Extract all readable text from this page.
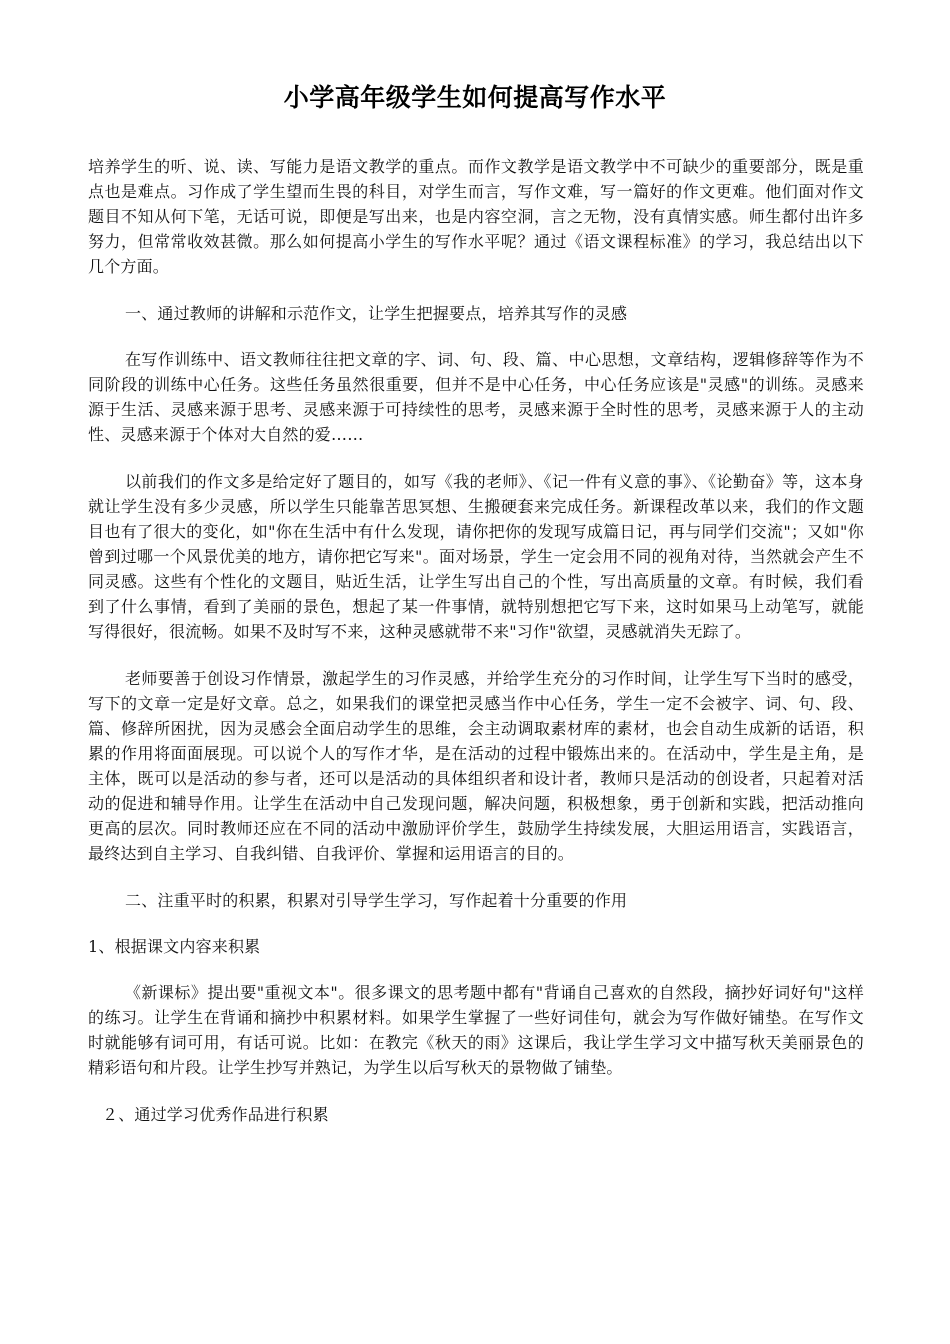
小学高年级学生如何提高写作水平

培养学生的听、说、读、写能力是语文教学的重点。而作文教学是语文教学中不可缺少的重要部分，既是重点也是难点。习作成了学生望而生畏的科目，对学生而言，写作文难，写一篇好的作文更难。他们面对作文题目不知从何下笔，无话可说，即便是写出来，也是内容空洞，言之无物，没有真情实感。师生都付出许多努力，但常常收效甚微。那么如何提高小学生的写作水平呢？通过《语文课程标准》的学习，我总结出以下几个方面。

一、通过教师的讲解和示范作文，让学生把握要点，培养其写作的灵感

在写作训练中、语文教师往往把文章的字、词、句、段、篇、中心思想，文章结构，逻辑修辞等作为不同阶段的训练中心任务。这些任务虽然很重要，但并不是中心任务，中心任务应该是"灵感"的训练。灵感来源于生活、灵感来源于思考、灵感来源于可持续性的思考，灵感来源于全时性的思考，灵感来源于人的主动性、灵感来源于个体对大自然的爱……

以前我们的作文多是给定好了题目的，如写《我的老师》、《记一件有义意的事》、《论勤奋》等，这本身就让学生没有多少灵感，所以学生只能靠苦思冥想、生搬硬套来完成任务。新课程改革以来，我们的作文题目也有了很大的变化，如"你在生活中有什么发现，请你把你的发现写成篇日记，再与同学们交流"；又如"你曾到过哪一个风景优美的地方，请你把它写来"。面对场景，学生一定会用不同的视角对待，当然就会产生不同灵感。这些有个性化的文题目，贴近生活，让学生写出自己的个性，写出高质量的文章。有时候，我们看到了什么事情，看到了美丽的景色，想起了某一件事情，就特别想把它写下来，这时如果马上动笔写，就能写得很好，很流畅。如果不及时写不来，这种灵感就带不来"习作"欲望，灵感就消失无踪了。

老师要善于创设习作情景，激起学生的习作灵感，并给学生充分的习作时间，让学生写下当时的感受，写下的文章一定是好文章。总之，如果我们的课堂把灵感当作中心任务，学生一定不会被字、词、句、段、篇、修辞所困扰，因为灵感会全面启动学生的思维，会主动调取素材库的素材，也会自动生成新的话语，积累的作用将面面展现。可以说个人的写作才华，是在活动的过程中锻炼出来的。在活动中，学生是主角，是主体，既可以是活动的参与者，还可以是活动的具体组织者和设计者，教师只是活动的创设者，只起着对活动的促进和辅导作用。让学生在活动中自己发现问题，解决问题，积极想象，勇于创新和实践，把活动推向更高的层次。同时教师还应在不同的活动中激励评价学生，鼓励学生持续发展，大胆运用语言，实践语言，最终达到自主学习、自我纠错、自我评价、掌握和运用语言的目的。

二、注重平时的积累，积累对引导学生学习，写作起着十分重要的作用

1、根据课文内容来积累

《新课标》提出要"重视文本"。很多课文的思考题中都有"背诵自己喜欢的自然段，摘抄好词好句"这样的练习。让学生在背诵和摘抄中积累材料。如果学生掌握了一些好词佳句，就会为写作做好铺垫。在写作文时就能够有词可用，有话可说。比如：在教完《秋天的雨》这课后，我让学生学习文中描写秋天美丽景色的精彩语句和片段。让学生抄写并熟记，为学生以后写秋天的景物做了铺垫。

２、通过学习优秀作品进行积累
